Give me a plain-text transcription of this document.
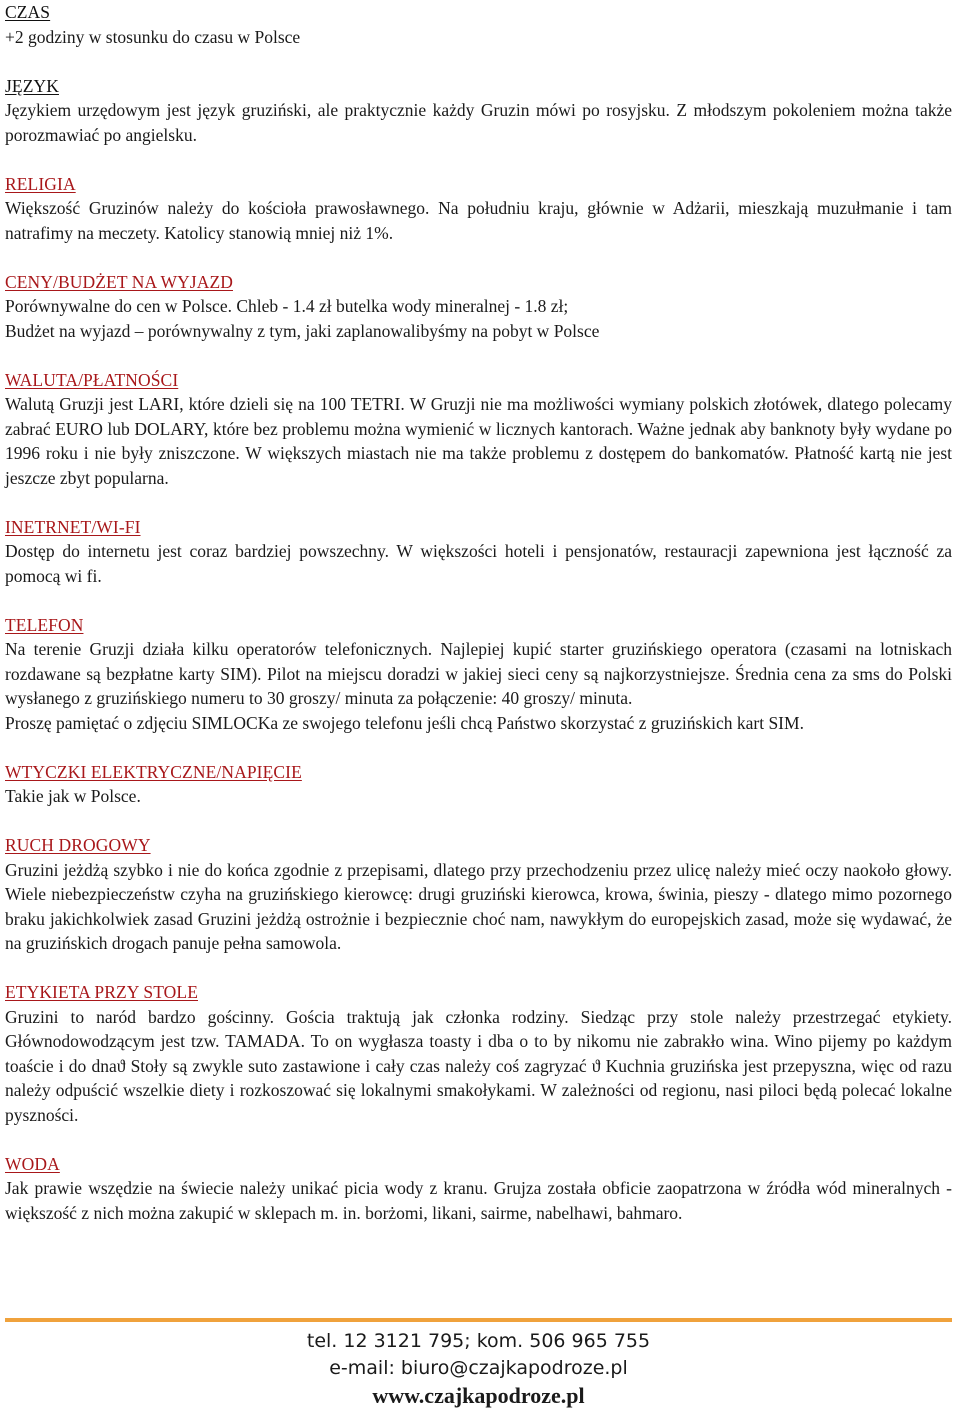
CZAS

+2 godziny w stosunku do czasu w Polsce

JĘZYK

Językiem urzędowym jest język gruziński, ale praktycznie każdy Gruzin mówi po rosyjsku. Z młodszym pokoleniem można także porozmawiać po angielsku.

RELIGIA

Większość Gruzinów należy do kościoła prawosławnego. Na południu kraju, głównie w Adżarii, mieszkają muzułmanie i tam natrafimy na meczety. Katolicy stanowią mniej niż 1%.

CENY/BUDŻET NA WYJAZD

Porównywalne do cen w Polsce. Chleb - 1.4 zł butelka wody mineralnej - 1.8 zł;

Budżet na wyjazd – porównywalny z tym, jaki zaplanowalibyśmy na pobyt w Polsce

WALUTA/PŁATNOŚCI

Walutą Gruzji jest LARI, które dzieli się na 100 TETRI. W Gruzji nie ma możliwości wymiany polskich złotówek, dlatego polecamy zabrać EURO lub DOLARY, które bez problemu można wymienić w licznych kantorach. Ważne jednak aby banknoty były wydane po 1996 roku i nie były zniszczone. W większych miastach nie ma także problemu z dostępem do bankomatów. Płatność kartą nie jest jeszcze zbyt popularna.

INETRNET/WI-FI

Dostęp do internetu jest coraz bardziej powszechny. W większości hoteli i pensjonatów, restauracji zapewniona jest łączność za pomocą wi fi.

TELEFON

Na terenie Gruzji działa kilku operatorów telefonicznych. Najlepiej kupić starter gruzińskiego operatora (czasami na lotniskach rozdawane są bezpłatne karty SIM). Pilot na miejscu doradzi w jakiej sieci ceny są najkorzystniejsze. Średnia cena za sms do Polski wysłanego z gruzińskiego numeru to 30 groszy/ minuta za połączenie: 40 groszy/ minuta.

Proszę pamiętać o zdjęciu SIMLOCKa ze swojego telefonu jeśli chcą Państwo skorzystać z gruzińskich kart SIM.

WTYCZKI ELEKTRYCZNE/NAPIĘCIE

Takie jak w Polsce.

RUCH DROGOWY

Gruzini jeżdżą szybko i nie do końca zgodnie z przepisami, dlatego przy przechodzeniu przez ulicę należy mieć oczy naokoło głowy. Wiele niebezpieczeństw czyha na gruzińskiego kierowcę: drugi gruziński kierowca, krowa, świnia, pieszy - dlatego mimo pozornego braku jakichkolwiek zasad Gruzini jeżdżą ostrożnie i bezpiecznie choć nam, nawykłym do europejskich zasad, może się wydawać, że na gruzińskich drogach panuje pełna samowola.

ETYKIETA PRZY STOLE

Gruzini to naród bardzo gościnny. Gościa traktują jak członka rodziny. Siedząc przy stole należy przestrzegać etykiety. Głównodowodzącym jest tzw. TAMADA. To on wygłasza toasty i dba o to by nikomu nie zabrakło wina. Wino pijemy po każdym toaście i do dnaϑ Stoły są zwykle suto zastawione i cały czas należy coś zagryzać ϑ Kuchnia gruzińska jest przepyszna, więc od razu należy odpuścić wszelkie diety i rozkoszować się lokalnymi smakołykami. W zależności od regionu, nasi piloci będą polecać lokalne pyszności.

WODA

Jak prawie wszędzie na świecie należy unikać picia wody z kranu. Grujza została obficie zaopatrzona w źródła wód mineralnych - większość z nich można zakupić w sklepach m. in. borżomi, likani, sairme, nabelhawi, bahmaro.

tel. 12 3121 795; kom. 506 965 755
e-mail: biuro@czajkapodroze.pl
www.czajkapodroze.pl
